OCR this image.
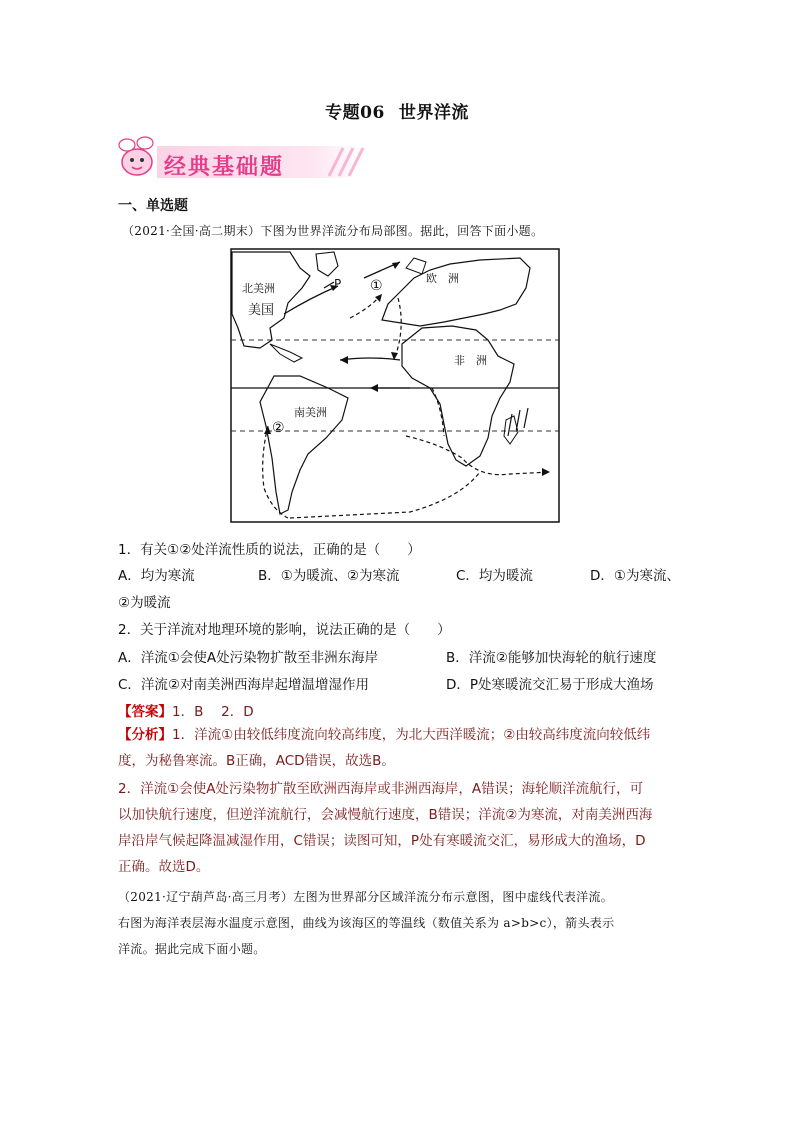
专题06 世界洋流
经典基础题
一、单选题
（2021·全国·高二期末）下图为世界洋流分布局部图。据此，回答下面小题。
北美洲
美国
P ①	欧　洲
非　洲
南美洲
②
1．有关①②处洋流性质的说法，正确的是（　　）
A．均为寒流	B．①为暖流、②为寒流	C．均为暖流	D．①为寒流、
②为暖流
2．关于洋流对地理环境的影响，说法正确的是（　　）
A．洋流①会使A处污染物扩散至非洲东海岸	B．洋流②能够加快海轮的航行速度
C．洋流②对南美洲西海岸起增温增湿作用	D．P处寒暖流交汇易于形成大渔场
【答案】1．B　 2．D
【分析】1．洋流①由较低纬度流向较高纬度，为北大西洋暖流；②由较高纬度流向较低纬
度，为秘鲁寒流。B正确，ACD错误，故选B。
2．洋流①会使A处污染物扩散至欧洲西海岸或非洲西海岸，A错误；海轮顺洋流航行，可
以加快航行速度，但逆洋流航行，会减慢航行速度，B错误；洋流②为寒流，对南美洲西海
岸沿岸气候起降温减湿作用，C错误；读图可知，P处有寒暖流交汇，易形成大的渔场，D
正确。故选D。
（2021·辽宁葫芦岛·高三月考）左图为世界部分区域洋流分布示意图，图中虚线代表洋流。
右图为海洋表层海水温度示意图，曲线为该海区的等温线（数值关系为 a>b>c），箭头表示
洋流。据此完成下面小题。
